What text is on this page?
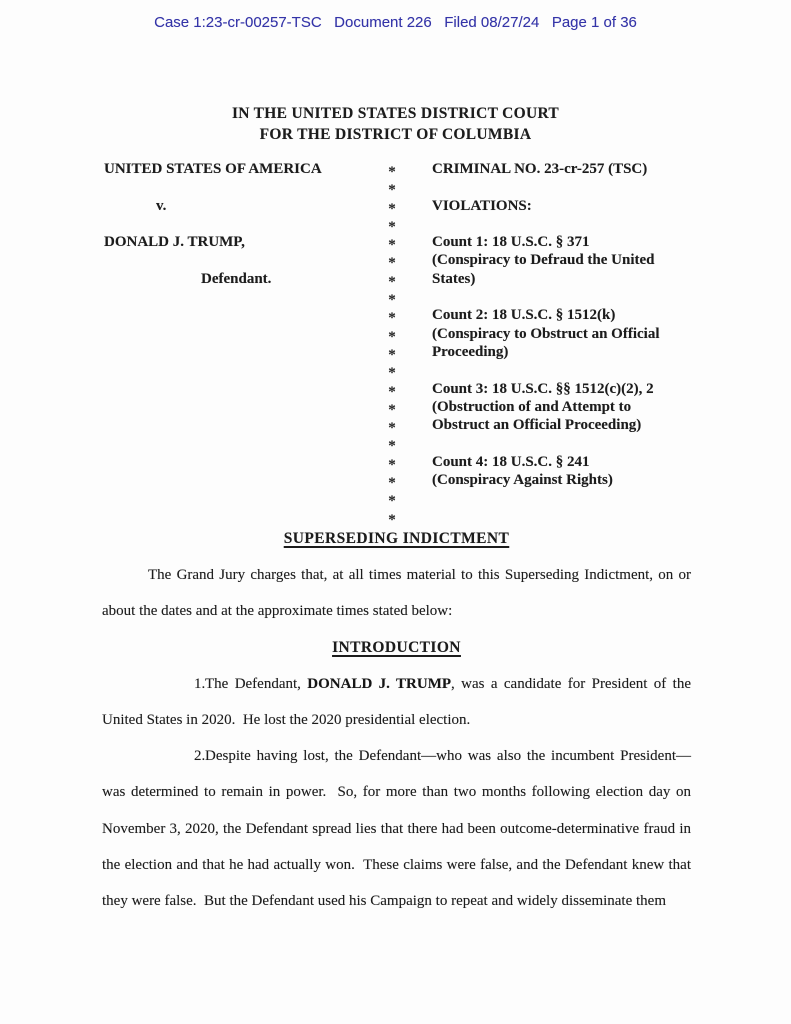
Case 1:23-cr-00257-TSC   Document 226   Filed 08/27/24   Page 1 of 36
IN THE UNITED STATES DISTRICT COURT
FOR THE DISTRICT OF COLUMBIA
UNITED STATES OF AMERICA

v.

DONALD J. TRUMP,

Defendant.
*
*
*
*
*
*
*
*
*
*
*
*
*
*
*
*
*
*
*
*
CRIMINAL NO. 23-cr-257 (TSC)

VIOLATIONS:

Count 1: 18 U.S.C. § 371
(Conspiracy to Defraud the United
States)

Count 2: 18 U.S.C. § 1512(k)
(Conspiracy to Obstruct an Official
Proceeding)

Count 3: 18 U.S.C. §§ 1512(c)(2), 2
(Obstruction of and Attempt to
Obstruct an Official Proceeding)

Count 4: 18 U.S.C. § 241
(Conspiracy Against Rights)

SUPERSEDING INDICTMENT

The Grand Jury charges that, at all times material to this Superseding Indictment, on or about the dates and at the approximate times stated below:

INTRODUCTION

1.The Defendant, DONALD J. TRUMP, was a candidate for President of the United States in 2020.  He lost the 2020 presidential election.

2.Despite having lost, the Defendant—who was also the incumbent President—was determined to remain in power.  So, for more than two months following election day on November 3, 2020, the Defendant spread lies that there had been outcome-determinative fraud in the election and that he had actually won.  These claims were false, and the Defendant knew that they were false.  But the Defendant used his Campaign to repeat and widely disseminate them
